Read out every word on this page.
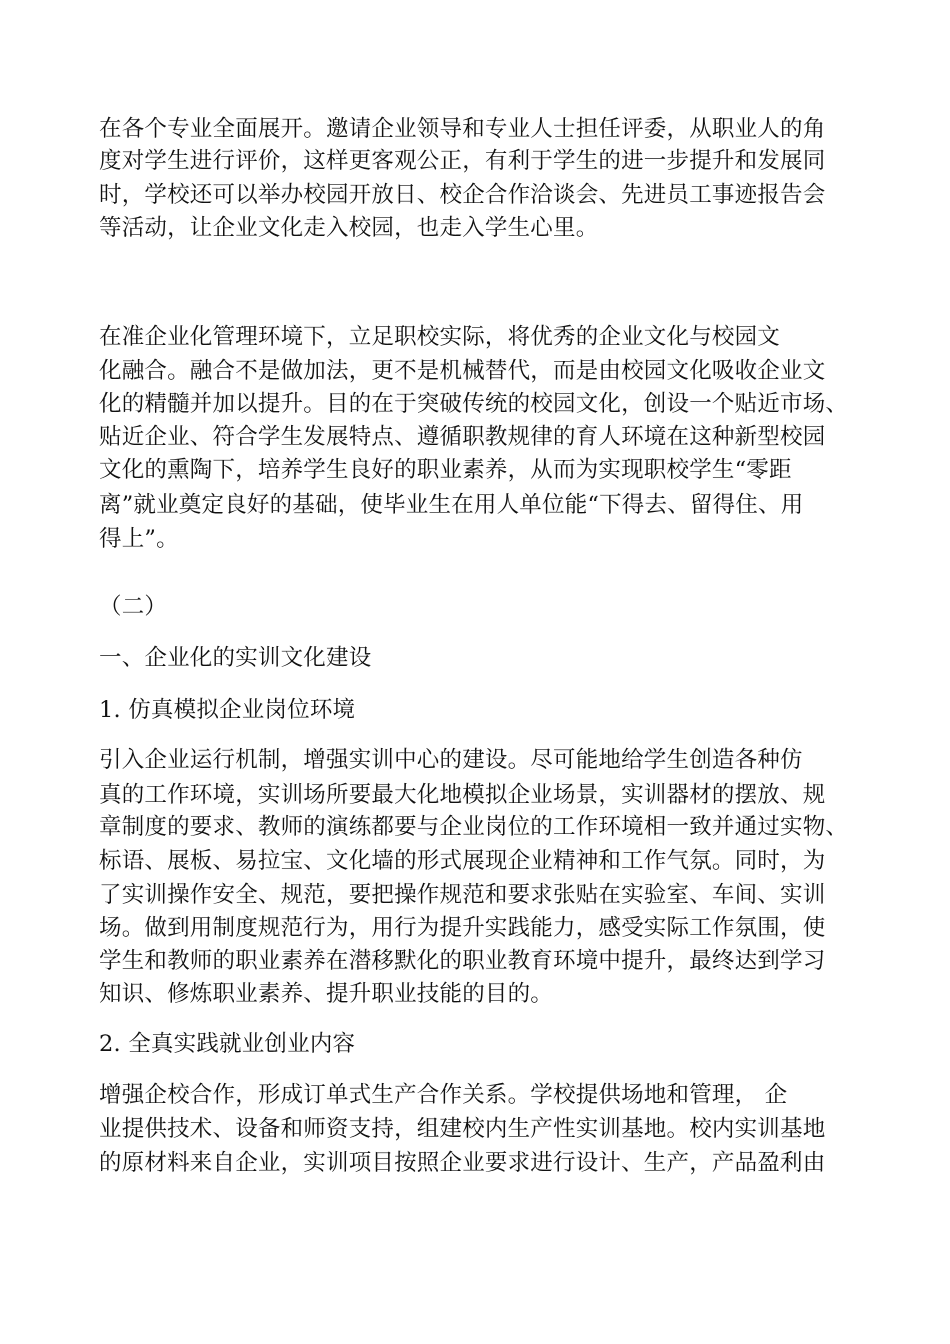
在各个专业全面展开。邀请企业领导和专业人士担任评委，从职业人的角
度对学生进行评价，这样更客观公正，有利于学生的进一步提升和发展同
时，学校还可以举办校园开放日、校企合作洽谈会、先进员工事迹报告会
等活动，让企业文化走入校园，也走入学生心里。
在准企业化管理环境下，立足职校实际，将优秀的企业文化与校园文
化融合。融合不是做加法，更不是机械替代，而是由校园文化吸收企业文
化的精髓并加以提升。目的在于突破传统的校园文化，创设一个贴近市场、
贴近企业、符合学生发展特点、遵循职教规律的育人环境在这种新型校园
文化的熏陶下，培养学生良好的职业素养，从而为实现职校学生“零距
离”就业奠定良好的基础，使毕业生在用人单位能“下得去、留得住、用
得上”。
（二）
一、企业化的实训文化建设
1. 仿真模拟企业岗位环境
引入企业运行机制，增强实训中心的建设。尽可能地给学生创造各种仿
真的工作环境，实训场所要最大化地模拟企业场景，实训器材的摆放、规
章制度的要求、教师的演练都要与企业岗位的工作环境相一致并通过实物、
标语、展板、易拉宝、文化墙的形式展现企业精神和工作气氛。同时，为
了实训操作安全、规范，要把操作规范和要求张贴在实验室、车间、实训
场。做到用制度规范行为，用行为提升实践能力，感受实际工作氛围，使
学生和教师的职业素养在潜移默化的职业教育环境中提升，最终达到学习
知识、修炼职业素养、提升职业技能的目的。
2. 全真实践就业创业内容
增强企校合作，形成订单式生产合作关系。学校提供场地和管理， 企
业提供技术、设备和师资支持，组建校内生产性实训基地。校内实训基地
的原材料来自企业，实训项目按照企业要求进行设计、生产，产品盈利由
